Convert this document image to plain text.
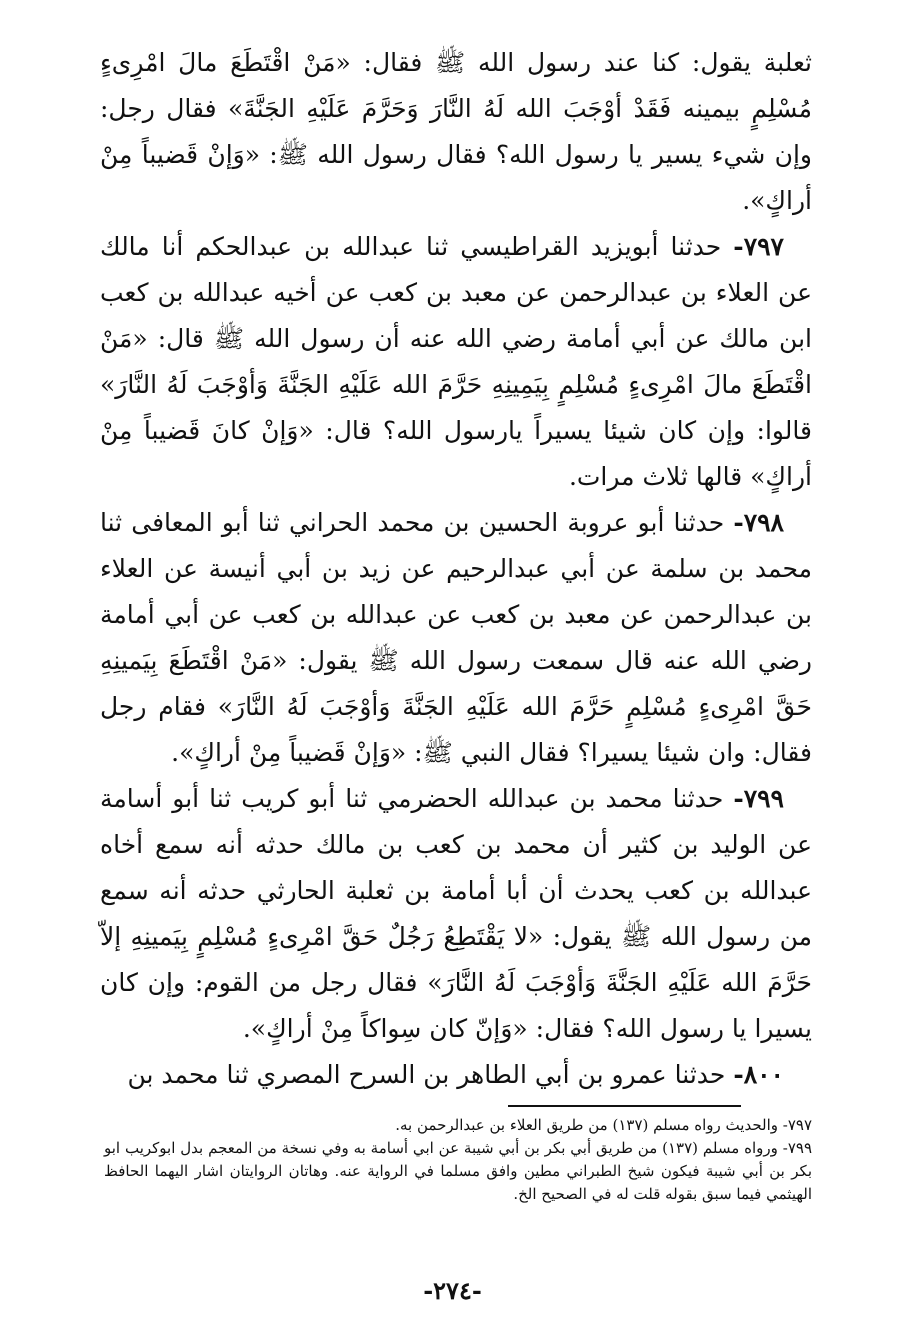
ثعلبة يقول: كنا عند رسول الله ﷺ فقال: «مَنْ اقْتَطَعَ مالَ امْرِىءٍ مُسْلِمٍ بيمينه فَقَدْ أوْجَبَ الله لَهُ النَّارَ وَحَرَّمَ عَلَيْهِ الجَنَّةَ» فقال رجل: وإن شيء يسير يا رسول الله؟ فقال رسول الله ﷺ: «وَإنْ قَضيباً مِنْ أراكٍ».

٧٩٧- حدثنا أبويزيد القراطيسي ثنا عبدالله بن عبدالحكم أنا مالك عن العلاء بن عبدالرحمن عن معبد بن كعب عن أخيه عبدالله بن كعب ابن مالك عن أبي أمامة رضي الله عنه أن رسول الله ﷺ قال: «مَنْ اقْتَطَعَ مالَ امْرِىءٍ مُسْلِمٍ بِيَمِينِهِ حَرَّمَ الله عَلَيْهِ الجَنَّةَ وَأوْجَبَ لَهُ النَّارَ» قالوا: وإن كان شيئا يسيراً يارسول الله؟ قال: «وَإنْ كانَ قَضيباً مِنْ أراكٍ» قالها ثلاث مرات.

٧٩٨- حدثنا أبو عروبة الحسين بن محمد الحراني ثنا أبو المعافى ثنا محمد بن سلمة عن أبي عبدالرحيم عن زيد بن أبي أنيسة عن العلاء بن عبدالرحمن عن معبد بن كعب عن عبدالله بن كعب عن أبي أمامة رضي الله عنه قال سمعت رسول الله ﷺ يقول: «مَنْ اقْتَطَعَ بِيَمينِهِ حَقَّ امْرِىءٍ مُسْلِمٍ حَرَّمَ الله عَلَيْهِ الجَنَّةَ وَأوْجَبَ لَهُ النَّارَ» فقام رجل فقال: وان شيئا يسيرا؟ فقال النبي ﷺ: «وَإنْ قَضيباً مِنْ أراكٍ».

٧٩٩- حدثنا محمد بن عبدالله الحضرمي ثنا أبو كريب ثنا أبو أسامة عن الوليد بن كثير أن محمد بن كعب بن مالك حدثه أنه سمع أخاه عبدالله بن كعب يحدث أن أبا أمامة بن ثعلبة الحارثي حدثه أنه سمع من رسول الله ﷺ يقول: «لا يَقْتَطِعُ رَجُلٌ حَقَّ امْرِىءٍ مُسْلِمٍ بِيَمينِهِ إلاّ حَرَّمَ الله عَلَيْهِ الجَنَّةَ وَأوْجَبَ لَهُ النَّارَ» فقال رجل من القوم: وإن كان يسيرا يا رسول الله؟ فقال: «وَإنّ كان سِواكاً مِنْ أراكٍ».

٨٠٠- حدثنا عمرو بن أبي الطاهر بن السرح المصري ثنا محمد بن

٧٩٧- والحديث رواه مسلم (١٣٧) من طريق العلاء بن عبدالرحمن به.

٧٩٩- ورواه مسلم (١٣٧) من طريق أبي بكر بن أبي شيبة عن ابي أسامة به وفي نسخة من المعجم بدل ابوكريب ابو بكر بن أبي شيبة فيكون شيخ الطبراني مطين وافق مسلما في الرواية عنه. وهاتان الروايتان اشار اليهما الحافظ الهيثمي فيما سبق بقوله قلت له في الصحيح الخ.

-٢٧٤-
